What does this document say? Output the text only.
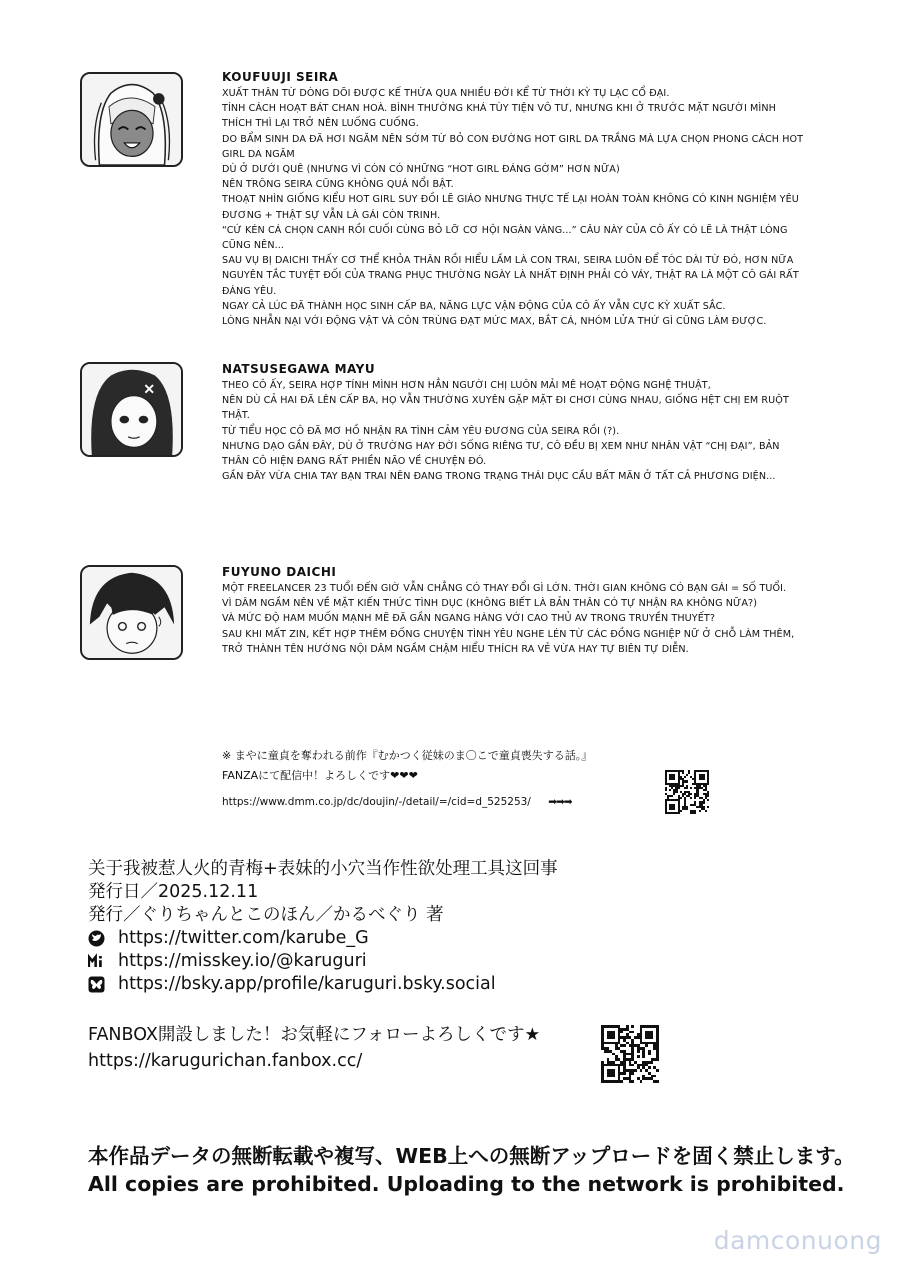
KOUFUUJI SEIRA
XUẤT THÂN TỪ DÒNG DÕI ĐƯỢC KẾ THỪA QUA NHIỀU ĐỜI KỂ TỪ THỜI KỲ TỤ LẠC CỔ ĐẠI.
TÍNH CÁCH HOẠT BÁT CHAN HOÀ. BÌNH THƯỜNG KHÁ TÙY TIỆN VÔ TƯ, NHƯNG KHI Ở TRƯỚC MẶT NGƯỜI MÌNH THÍCH THÌ LẠI TRỞ NÊN LUỐNG CUỐNG.
DO BẨM SINH DA ĐÃ HƠI NGĂM NÊN SỚM TỪ BỎ CON ĐƯỜNG HOT GIRL DA TRẮNG MÀ LỰA CHỌN PHONG CÁCH HOT GIRL DA NGĂM
DÙ Ở DƯỚI QUÊ (NHƯNG VÌ CÒN CÓ NHỮNG “HOT GIRL ĐÁNG GỜM” HƠN NỮA)
NÊN TRÔNG SEIRA CŨNG KHÔNG QUÁ NỔI BẬT.
THOẠT NHÌN GIỐNG KIỂU HOT GIRL SUY ĐỒI LẼ GIÁO NHƯNG THỰC TẾ LẠI HOÀN TOÀN KHÔNG CÓ KINH NGHIỆM YÊU ĐƯƠNG + THẬT SỰ VẪN LÀ GÁI CÒN TRINH.
“CỨ KÉN CÁ CHỌN CANH RỒI CUỐI CÙNG BỎ LỠ CƠ HỘI NGÀN VÀNG...” CÂU NÀY CỦA CÔ ẤY CÓ LẼ LÀ THẬT LÒNG CŨNG NÊN...
SAU VỤ BỊ DAICHI THẤY CƠ THỂ KHỎA THÂN RỒI HIỂU LẦM LÀ CON TRAI, SEIRA LUÔN ĐỂ TÓC DÀI TỪ ĐÓ, HƠN NỮA NGUYÊN TẮC TUYỆT ĐỐI CỦA TRANG PHỤC THƯỜNG NGÀY LÀ NHẤT ĐỊNH PHẢI CÓ VÁY, THẬT RA LÀ MỘT CÔ GÁI RẤT ĐÁNG YÊU.
NGAY CẢ LÚC ĐÃ THÀNH HỌC SINH CẤP BA, NĂNG LỰC VẬN ĐỘNG CỦA CÔ ẤY VẪN CỰC KỲ XUẤT SẮC.
LÒNG NHẪN NẠI VỚI ĐỘNG VẬT VÀ CÔN TRÙNG ĐẠT MỨC MAX, BẮT CÁ, NHÓM LỬA THỨ GÌ CŨNG LÀM ĐƯỢC.
NATSUSEGAWA MAYU
THEO CÔ ẤY, SEIRA HỢP TÍNH MÌNH HƠN HẲN NGƯỜI CHỊ LUÔN MẢI MÊ HOẠT ĐỘNG NGHỆ THUẬT,
NÊN DÙ CẢ HAI ĐÃ LÊN CẤP BA, HỌ VẪN THƯỜNG XUYÊN GẶP MẶT ĐI CHƠI CÙNG NHAU, GIỐNG HỆT CHỊ EM RUỘT THẬT.
TỪ TIỂU HỌC CÔ ĐÃ MƠ HỒ NHẬN RA TÌNH CẢM YÊU ĐƯƠNG CỦA SEIRA RỒI (?).
NHƯNG DẠO GẦN ĐÂY, DÙ Ở TRƯỜNG HAY ĐỜI SỐNG RIÊNG TƯ, CÔ ĐỀU BỊ XEM NHƯ NHÂN VẬT “CHỊ ĐẠI”, BẢN THÂN CÔ HIỆN ĐANG RẤT PHIỀN NÃO VỀ CHUYỆN ĐÓ.
GẦN ĐÂY VỪA CHIA TAY BẠN TRAI NÊN ĐANG TRONG TRẠNG THÁI DỤC CẦU BẤT MÃN Ở TẤT CẢ PHƯƠNG DIỆN...
FUYUNO DAICHI
MỘT FREELANCER 23 TUỔI ĐẾN GIỜ VẪN CHẲNG CÓ THAY ĐỔI GÌ LỚN. THỜI GIAN KHÔNG CÓ BẠN GÁI = SỐ TUỔI.
VÌ DÂM NGẦM NÊN VỀ MẶT KIẾN THỨC TÌNH DỤC (KHÔNG BIẾT LÀ BẢN THÂN CÓ TỰ NHẬN RA KHÔNG NỮA?)
VÀ MỨC ĐỘ HAM MUỐN MẠNH MẼ ĐÃ GẦN NGANG HÀNG VỚI CAO THỦ AV TRONG TRUYỀN THUYẾT?
SAU KHI MẤT ZIN, KẾT HỢP THÊM ĐỐNG CHUYỆN TÌNH YÊU NGHE LÉN TỪ CÁC ĐỒNG NGHIỆP NỮ Ở CHỖ LÀM THÊM,
TRỞ THÀNH TÊN HƯỚNG NỘI DÂM NGẦM CHẬM HIỂU THÍCH RA VẺ VỪA HAY TỰ BIÊN TỰ DIỄN.
※ まやに童貞を奪われる前作『むかつく従妹のま〇こで童貞喪失する話。』
FANZAにて配信中！よろしくです❤❤❤
https://www.dmm.co.jp/dc/doujin/-/detail/=/cid=d_525253/ ➡➡➡
关于我被惹人火的青梅+表妹的小穴当作性欲处理工具这回事
発行日／2025.12.11
発行／ぐりちゃんとこのほん／かるべぐり 著
https://twitter.com/karube_G
https://misskey.io/@karuguri
https://bsky.app/profile/karuguri.bsky.social
FANBOX開設しました！お気軽にフォローよろしくです★
https://karugurichan.fanbox.cc/
本作品データの無断転載や複写、WEB上への無断アップロードを固く禁止します。
All copies are prohibited. Uploading to the network is prohibited.
damconuong
